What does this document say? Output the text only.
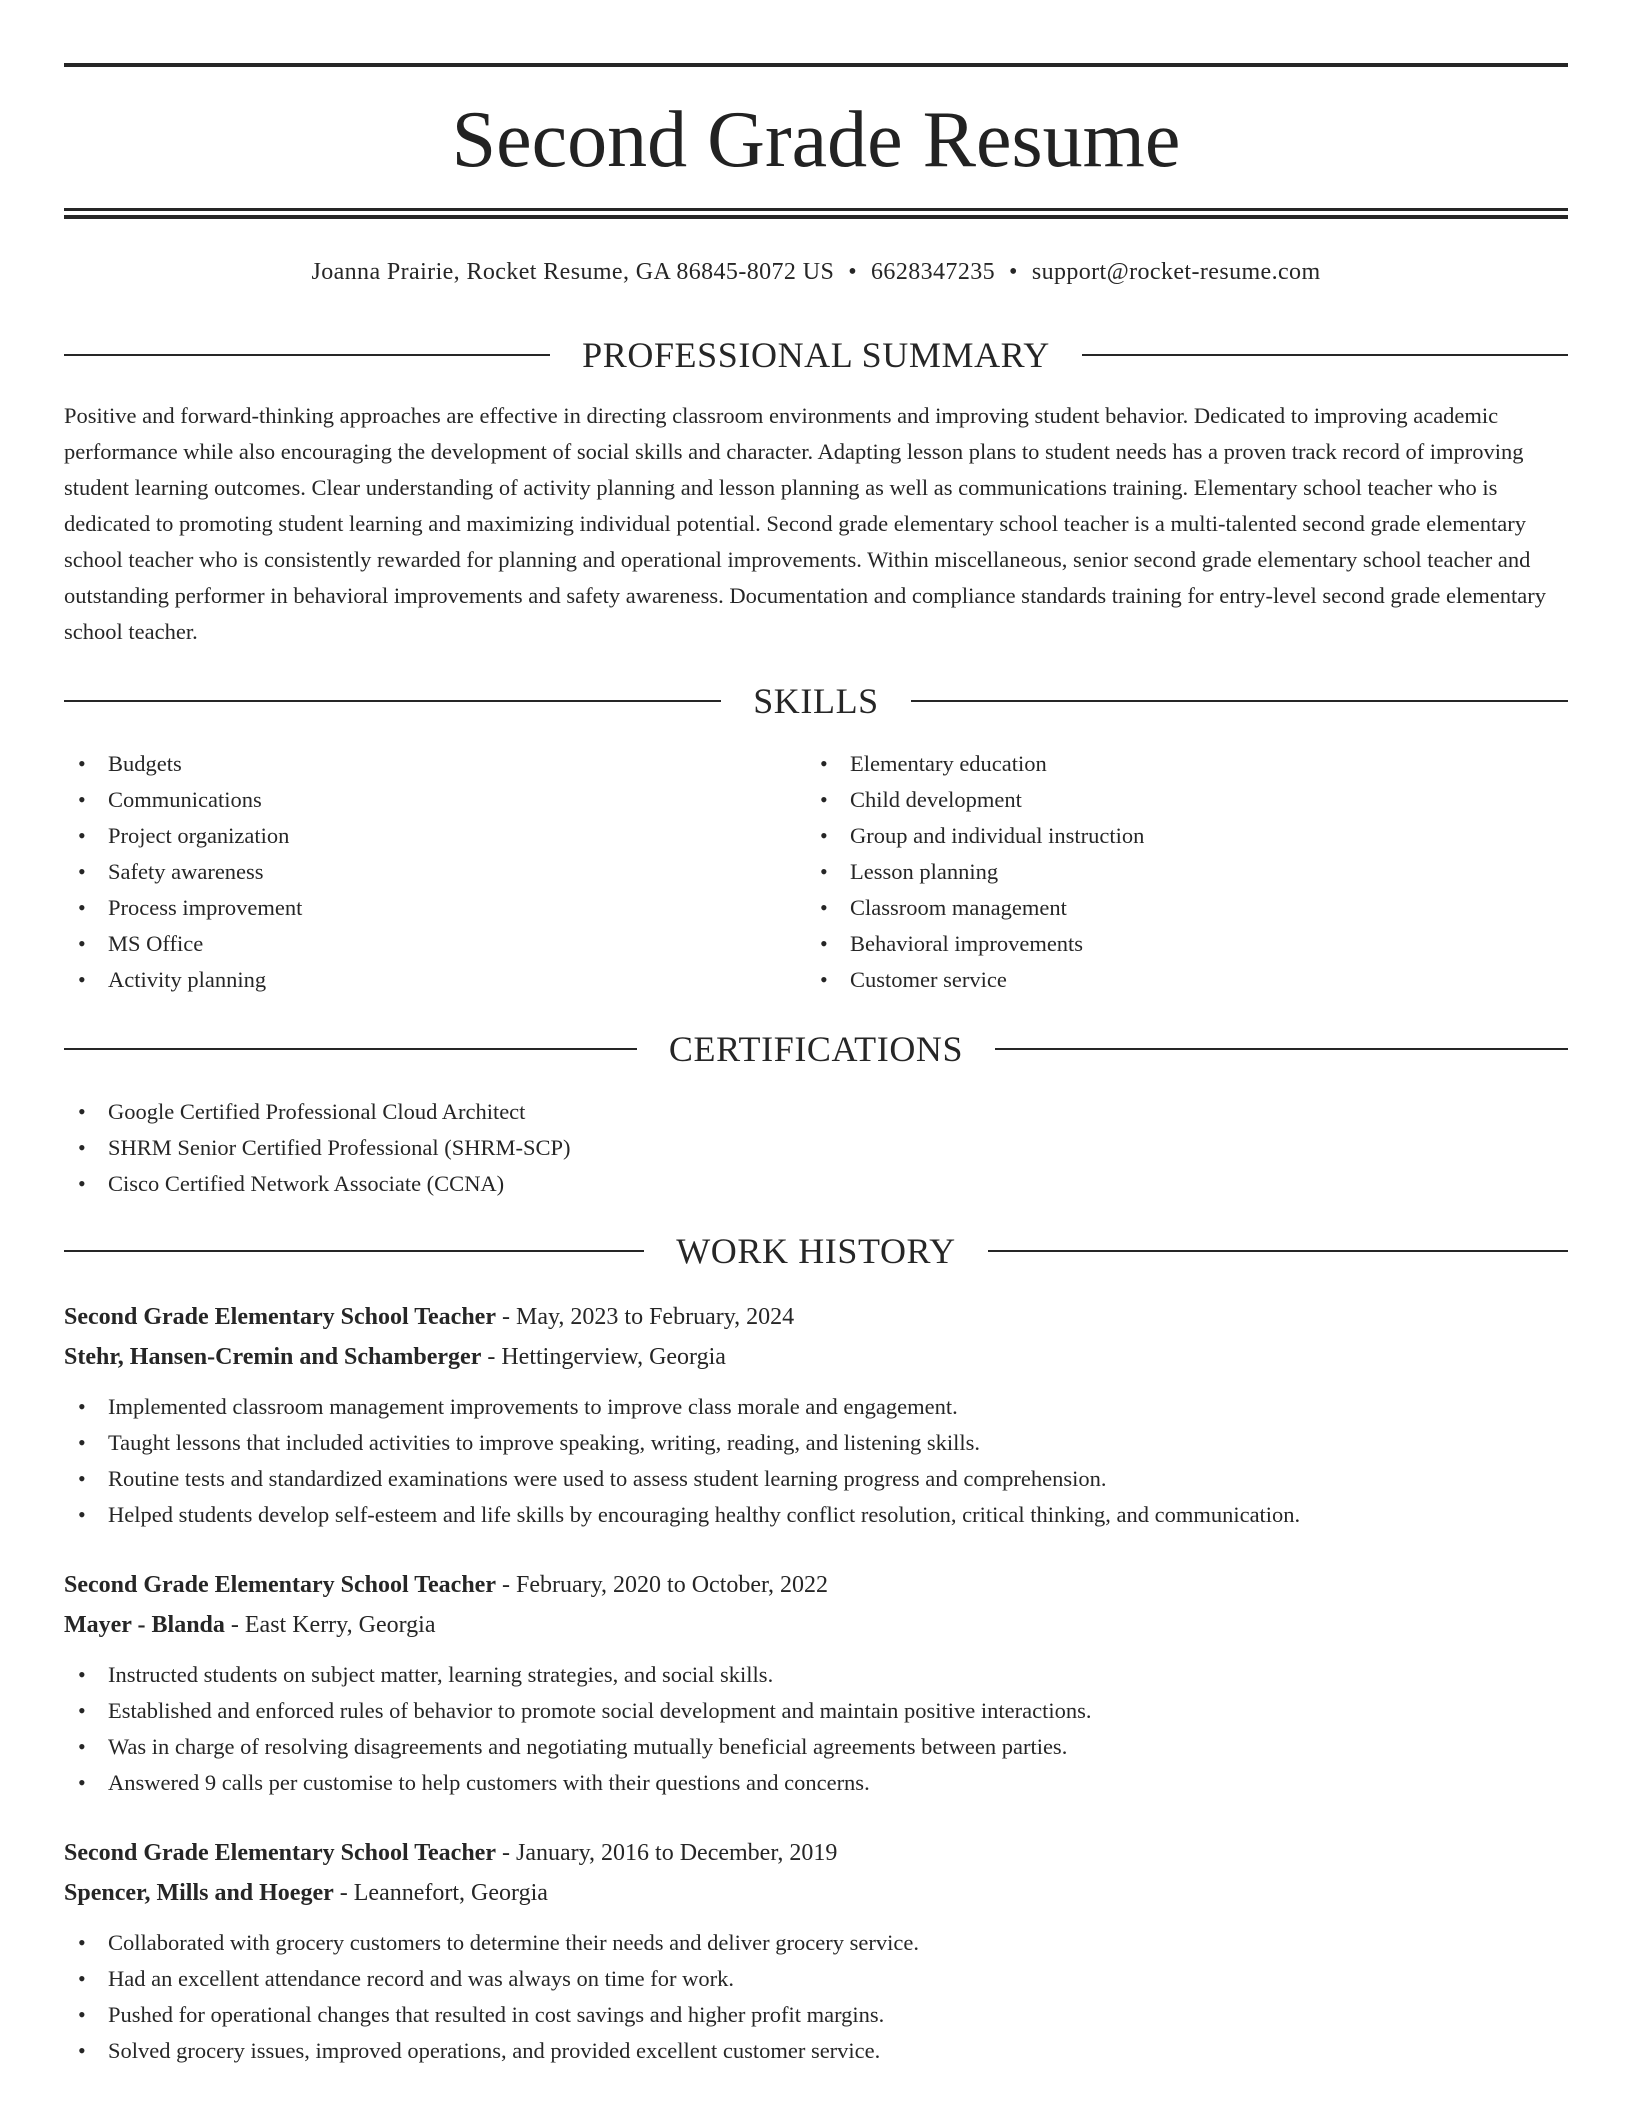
Second Grade Resume
Joanna Prairie, Rocket Resume, GA 86845-8072 US • 6628347235 • support@rocket-resume.com
PROFESSIONAL SUMMARY

Positive and forward-thinking approaches are effective in directing classroom environments and improving student behavior. Dedicated to improving academic performance while also encouraging the development of social skills and character. Adapting lesson plans to student needs has a proven track record of improving student learning outcomes. Clear understanding of activity planning and lesson planning as well as communications training. Elementary school teacher who is dedicated to promoting student learning and maximizing individual potential. Second grade elementary school teacher is a multi-talented second grade elementary school teacher who is consistently rewarded for planning and operational improvements. Within miscellaneous, senior second grade elementary school teacher and outstanding performer in behavioral improvements and safety awareness. Documentation and compliance standards training for entry-level second grade elementary school teacher.

SKILLS
• Budgets
• Communications
• Project organization
• Safety awareness
• Process improvement
• MS Office
• Activity planning
• Elementary education
• Child development
• Group and individual instruction
• Lesson planning
• Classroom management
• Behavioral improvements
• Customer service
CERTIFICATIONS
• Google Certified Professional Cloud Architect
• SHRM Senior Certified Professional (SHRM-SCP)
• Cisco Certified Network Associate (CCNA)
WORK HISTORY
Second Grade Elementary School Teacher - May, 2023 to February, 2024
Stehr, Hansen-Cremin and Schamberger - Hettingerview, Georgia
• Implemented classroom management improvements to improve class morale and engagement.
• Taught lessons that included activities to improve speaking, writing, reading, and listening skills.
• Routine tests and standardized examinations were used to assess student learning progress and comprehension.
• Helped students develop self-esteem and life skills by encouraging healthy conflict resolution, critical thinking, and communication.
Second Grade Elementary School Teacher - February, 2020 to October, 2022
Mayer - Blanda - East Kerry, Georgia
• Instructed students on subject matter, learning strategies, and social skills.
• Established and enforced rules of behavior to promote social development and maintain positive interactions.
• Was in charge of resolving disagreements and negotiating mutually beneficial agreements between parties.
• Answered 9 calls per customise to help customers with their questions and concerns.
Second Grade Elementary School Teacher - January, 2016 to December, 2019
Spencer, Mills and Hoeger - Leannefort, Georgia
• Collaborated with grocery customers to determine their needs and deliver grocery service.
• Had an excellent attendance record and was always on time for work.
• Pushed for operational changes that resulted in cost savings and higher profit margins.
• Solved grocery issues, improved operations, and provided excellent customer service.
